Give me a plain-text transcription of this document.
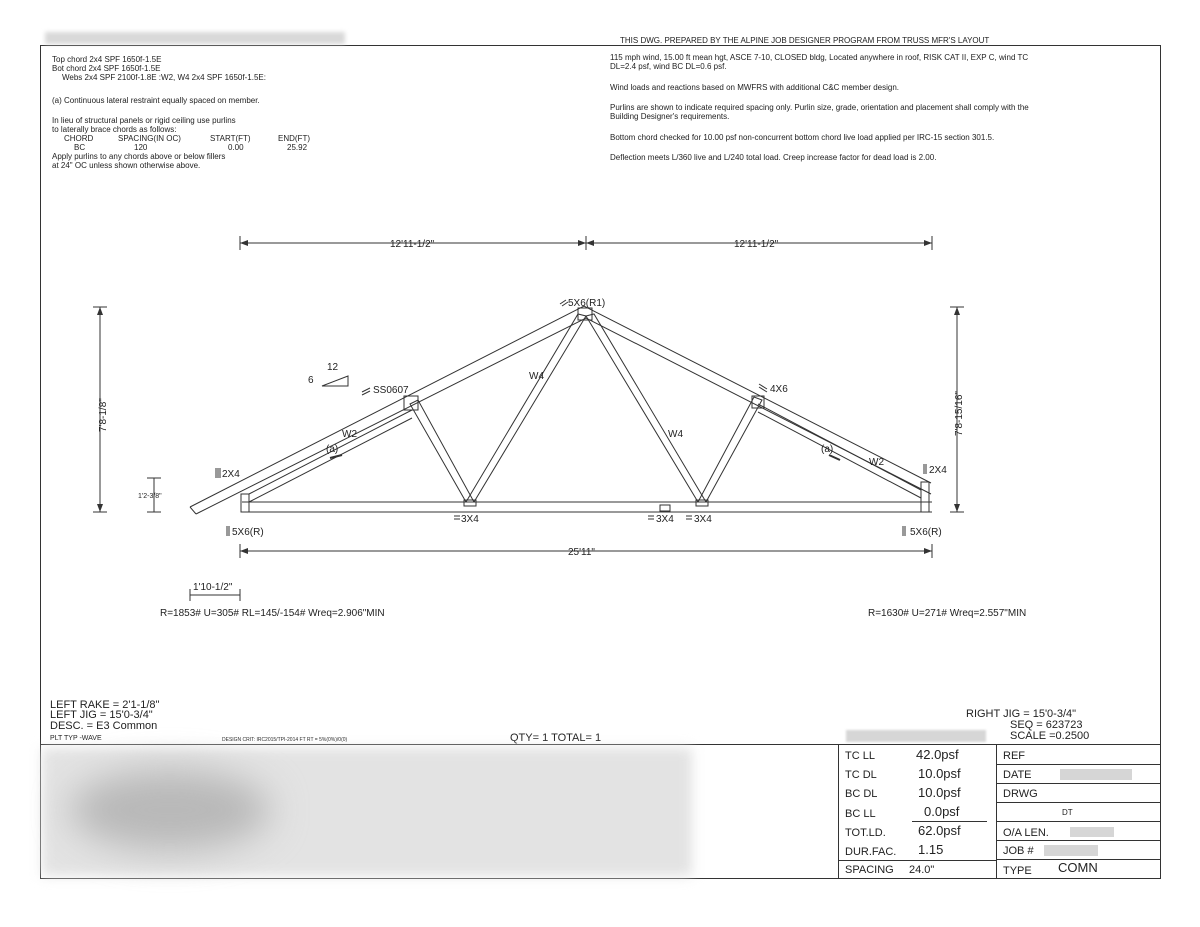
THIS DWG. PREPARED BY THE ALPINE JOB DESIGNER PROGRAM FROM TRUSS MFR'S LAYOUT
Top chord 2x4 SPF 1650f-1.5E
Bot chord 2x4 SPF 1650f-1.5E
Webs 2x4 SPF 2100f-1.8E :W2, W4 2x4 SPF 1650f-1.5E:
(a) Continuous lateral restraint equally spaced on member.
In lieu of structural panels or rigid ceiling use purlins
to laterally brace chords as follows:
CHORD	SPACING(IN OC)	START(FT)	END(FT)
BC	120	0.00	25.92
Apply purlins to any chords above or below fillers
at 24" OC unless shown otherwise above.
115 mph wind, 15.00 ft mean hgt, ASCE 7-10, CLOSED bldg, Located anywhere in roof, RISK CAT II, EXP C, wind TC
DL=2.4 psf, wind BC DL=0.6 psf.
Wind loads and reactions based on MWFRS with additional C&C member design.
Purlins are shown to indicate required spacing only. Purlin size, grade, orientation and placement shall comply with the
Building Designer's requirements.
Bottom chord checked for 10.00 psf non-concurrent bottom chord live load applied per IRC-15 section 301.5.
Deflection meets L/360 live and L/240 total load. Creep increase factor for dead load is 2.00.
12'11-1/2"	12'11-1/2"
25'11"
1'10-1/2"
7'8-1/8"
1'2-3/8"
7'8-15/16"
6
12
5X6(R1)
SS0607	4X6
2X4	2X4
5X6(R)	5X6(R)
3X4	3X4 3X4
W2
W2
W4
W4
(a)	(a)
R=1853# U=305# RL=145/-154# Wreq=2.906"MIN	R=1630# U=271# Wreq=2.557"MIN
LEFT RAKE = 2'1-1/8"
LEFT JIG = 15'0-3/4"
DESC. = E3 Common
PLT TYP -WAVE	DESIGN CRIT: IRC2015/TPI-2014 FT RT = 5%(0%)/0(0)	QTY= 1 TOTAL= 1
RIGHT JIG = 15'0-3/4"
SEQ = 623723
SCALE =0.2500
TC LL	42.0psf
TC DL	10.0psf
BC DL	10.0psf
BC LL	0.0psf
TOT.LD. 62.0psf
DUR.FAC. 1.15
SPACING 24.0"
REF
DATE
DRWG
DT
O/A LEN.
JOB #
TYPE COMN
